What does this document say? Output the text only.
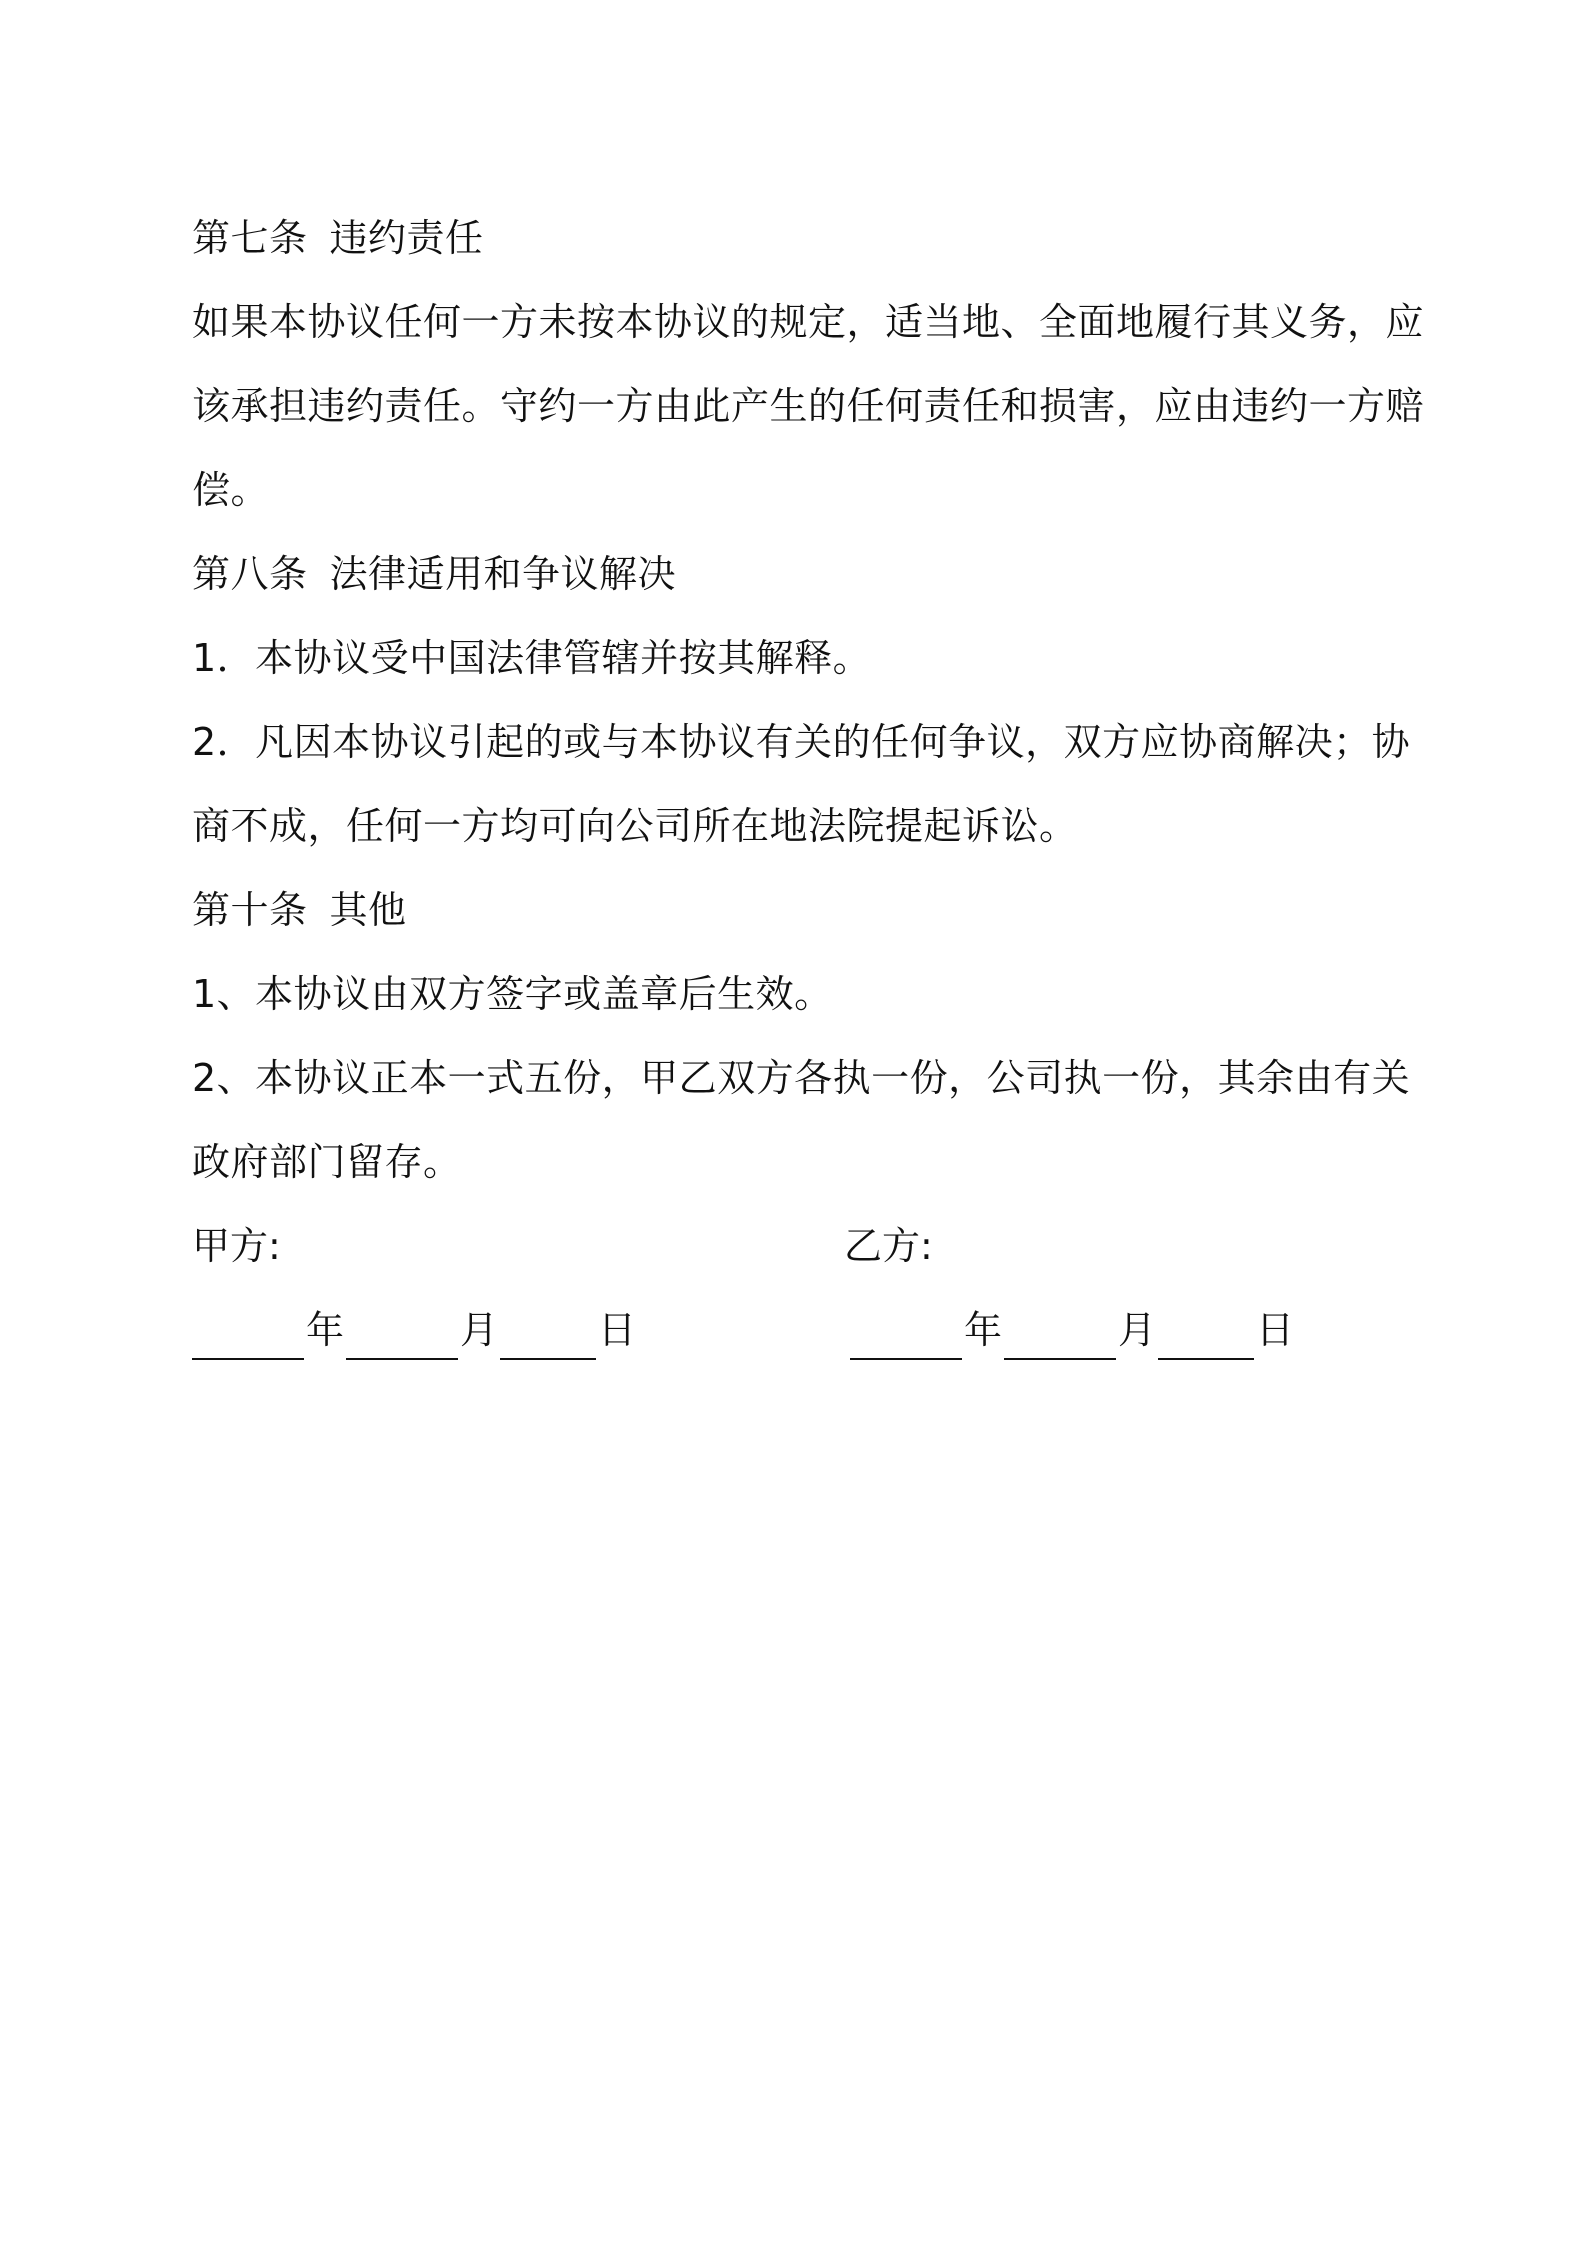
第七条 违约责任
如果本协议任何一方未按本协议的规定，适当地、全面地履行其义务，应
该承担违约责任。守约一方由此产生的任何责任和损害，应由违约一方赔
偿。
第八条 法律适用和争议解决
1．本协议受中国法律管辖并按其解释。
2．凡因本协议引起的或与本协议有关的任何争议，双方应协商解决；协
商不成，任何一方均可向公司所在地法院提起诉讼。
第十条 其他
1、本协议由双方签字或盖章后生效。
2、本协议正本一式五份，甲乙双方各执一份，公司执一份，其余由有关
政府部门留存。
甲方:	乙方:
年	月	日	年	月	日
